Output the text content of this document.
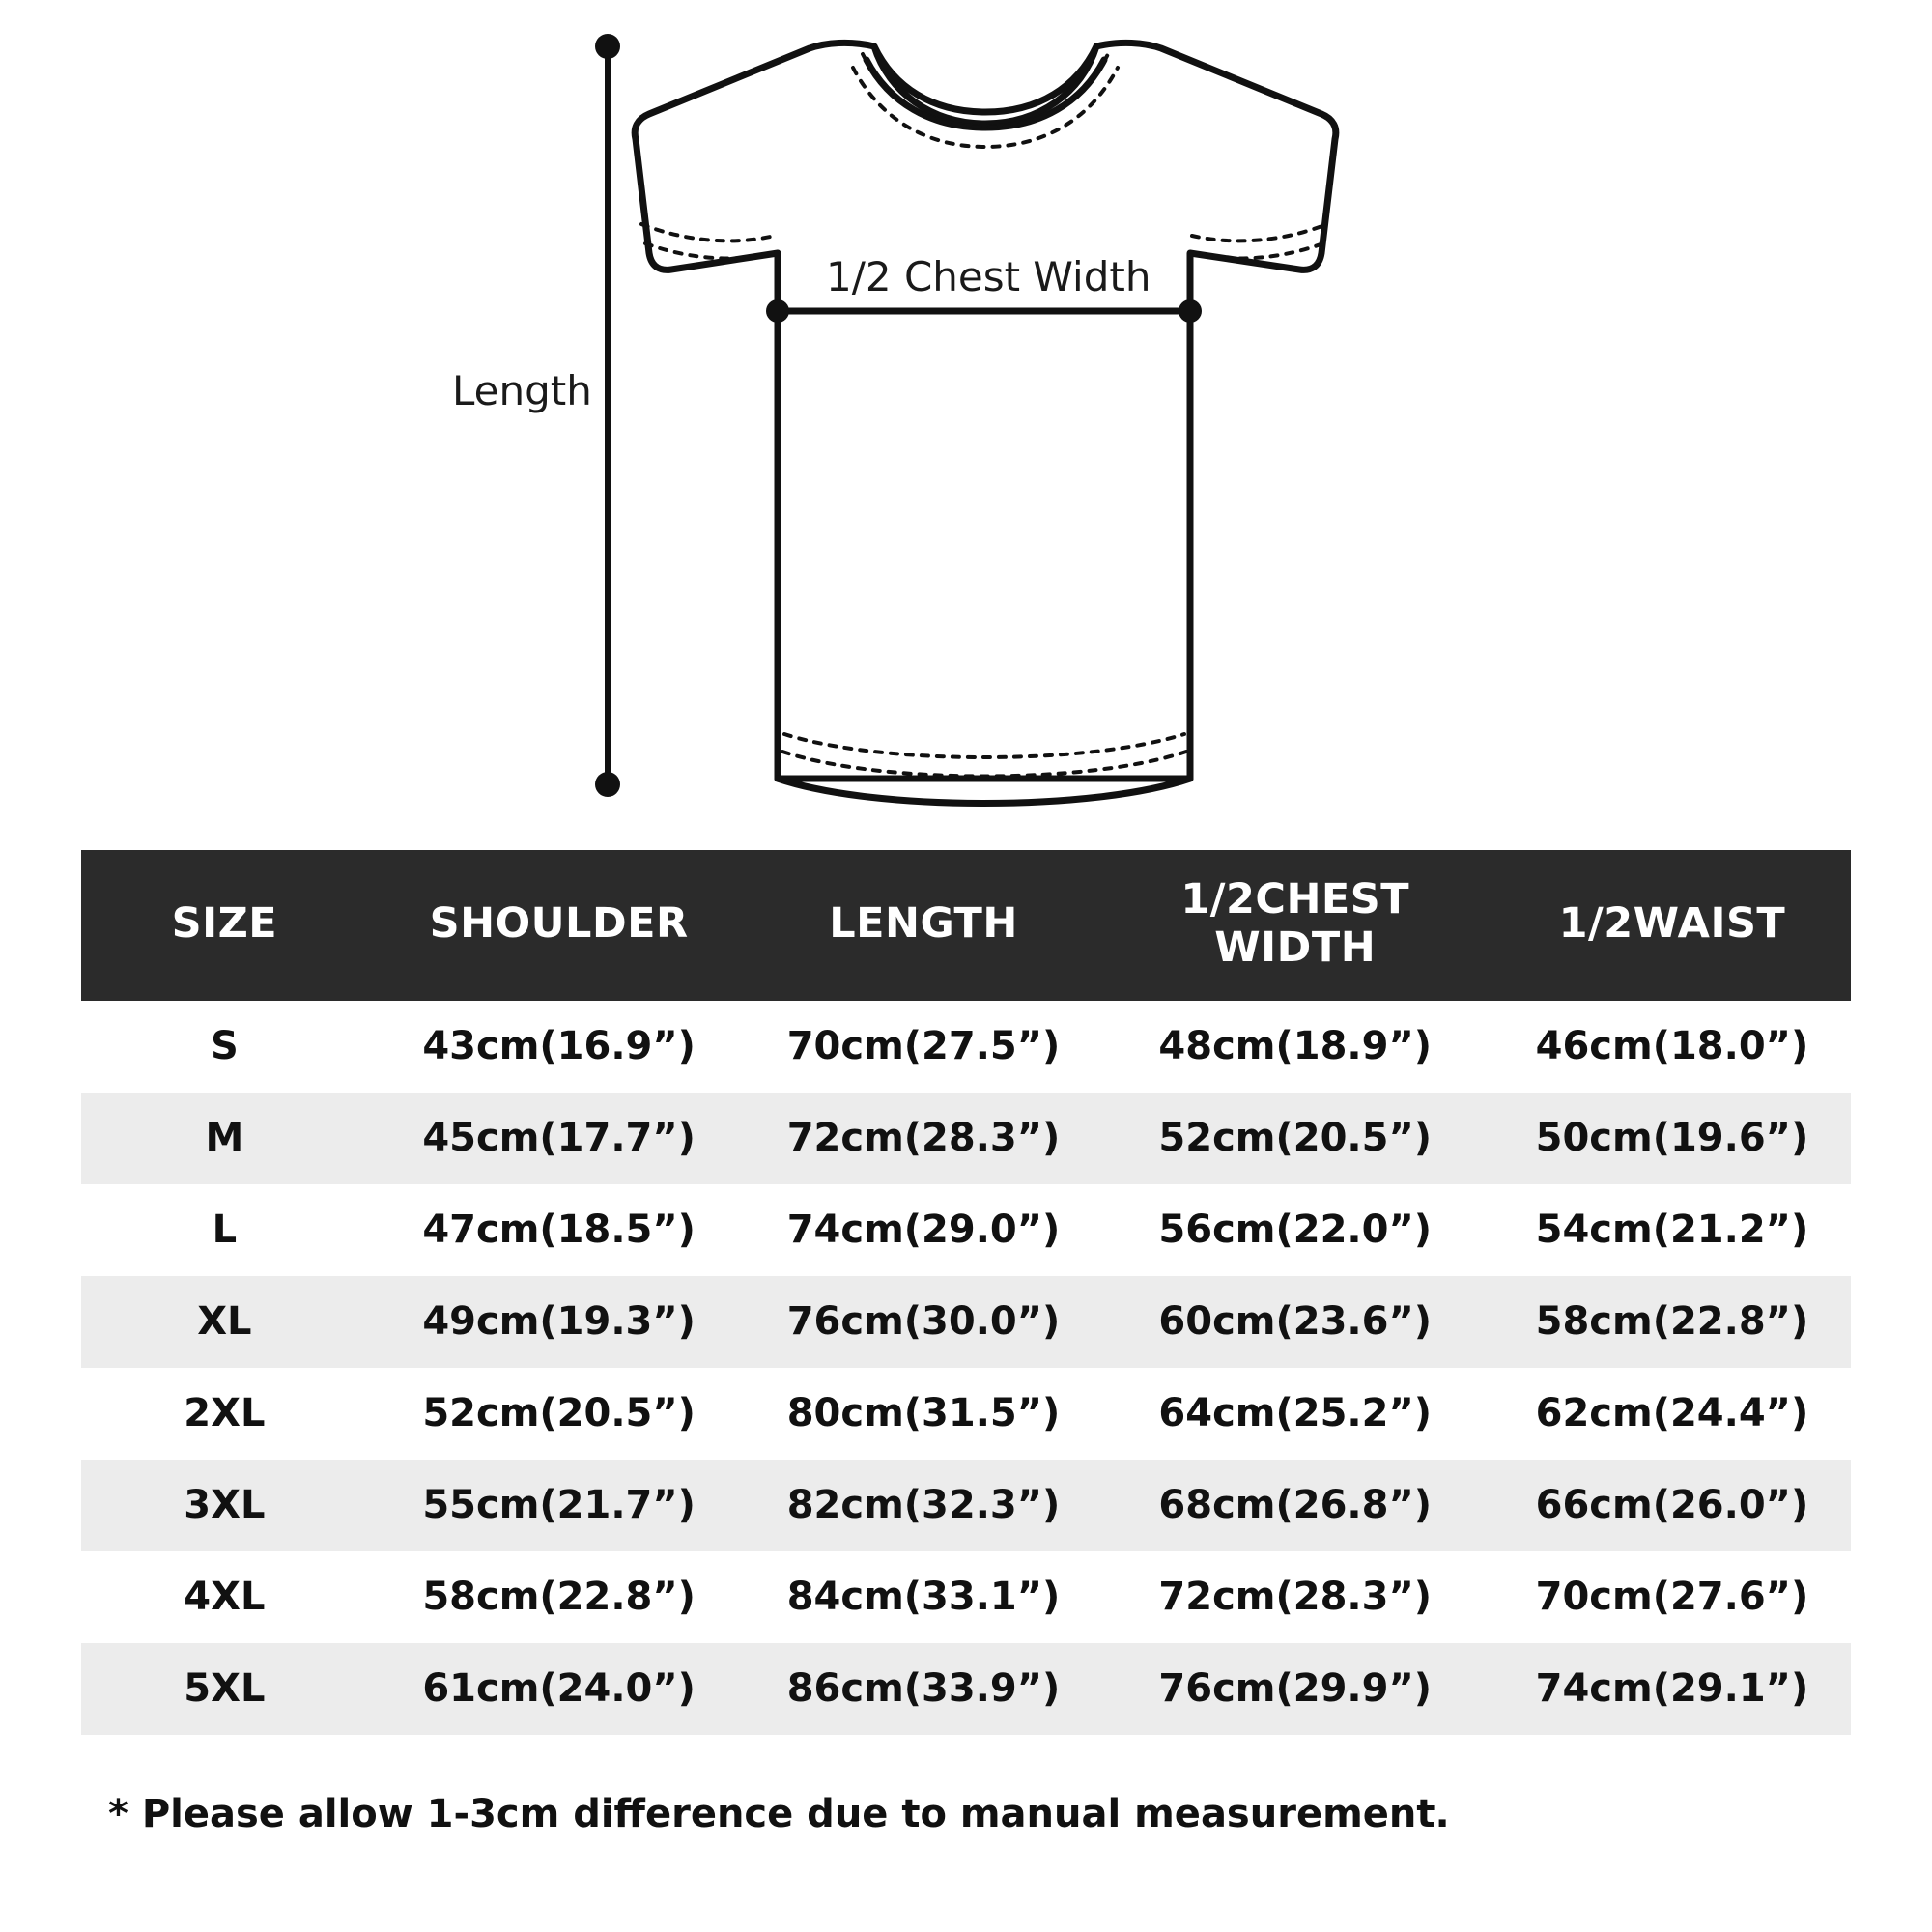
Length
1/2 Chest Width
SIZE	SHOULDER	LENGTH	1/2CHEST WIDTH	1/2WAIST
S	43cm(16.9”)	70cm(27.5”)	48cm(18.9”)	46cm(18.0”)
M	45cm(17.7”)	72cm(28.3”)	52cm(20.5”)	50cm(19.6”)
L	47cm(18.5”)	74cm(29.0”)	56cm(22.0”)	54cm(21.2”)
XL	49cm(19.3”)	76cm(30.0”)	60cm(23.6”)	58cm(22.8”)
2XL	52cm(20.5”)	80cm(31.5”)	64cm(25.2”)	62cm(24.4”)
3XL	55cm(21.7”)	82cm(32.3”)	68cm(26.8”)	66cm(26.0”)
4XL	58cm(22.8”)	84cm(33.1”)	72cm(28.3”)	70cm(27.6”)
5XL	61cm(24.0”)	86cm(33.9”)	76cm(29.9”)	74cm(29.1”)
* Please allow 1-3cm difference due to manual measurement.
